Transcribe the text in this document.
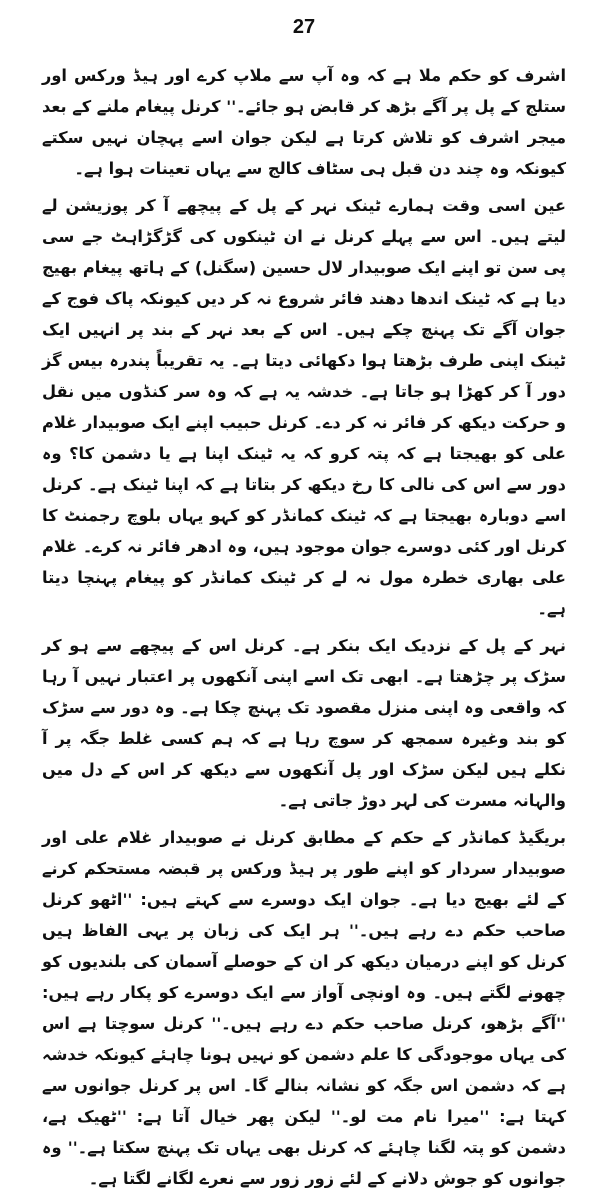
27

اشرف کو حکم ملا ہے کہ وہ آپ سے ملاپ کرے اور ہیڈ ورکس اور ستلج کے پل پر آگے بڑھ کر قابض ہو جائے۔'' کرنل پیغام ملنے کے بعد میجر اشرف کو تلاش کرتا ہے لیکن جوان اسے پہچان نہیں سکتے کیونکہ وہ چند دن قبل ہی سٹاف کالج سے یہاں تعینات ہوا ہے۔

عین اسی وقت ہمارے ٹینک نہر کے پل کے پیچھے آ کر پوزیشن لے لیتے ہیں۔ اس سے پہلے کرنل نے ان ٹینکوں کی گڑگڑاہٹ جے سی پی سن تو اپنے ایک صوبیدار لال حسین (سگنل) کے ہاتھ پیغام بھیج دیا ہے کہ ٹینک اندھا دھند فائر شروع نہ کر دیں کیونکہ پاک فوج کے جوان آگے تک پہنچ چکے ہیں۔ اس کے بعد نہر کے بند پر انہیں ایک ٹینک اپنی طرف بڑھتا ہوا دکھائی دیتا ہے۔ یہ تقریباً پندرہ بیس گز دور آ کر کھڑا ہو جاتا ہے۔ خدشہ یہ ہے کہ وہ سر کنڈوں میں نقل و حرکت دیکھ کر فائر نہ کر دے۔ کرنل حبیب اپنے ایک صوبیدار غلام علی کو بھیجتا ہے کہ پتہ کرو کہ یہ ٹینک اپنا ہے یا دشمن کا؟ وہ دور سے اس کی نالی کا رخ دیکھ کر بتاتا ہے کہ اپنا ٹینک ہے۔ کرنل اسے دوبارہ بھیجتا ہے کہ ٹینک کمانڈر کو کہو یہاں بلوچ رجمنٹ کا کرنل اور کئی دوسرے جوان موجود ہیں، وہ ادھر فائر نہ کرے۔ غلام علی بھاری خطرہ مول نہ لے کر ٹینک کمانڈر کو پیغام پہنچا دیتا ہے۔

نہر کے پل کے نزدیک ایک بنکر ہے۔ کرنل اس کے پیچھے سے ہو کر سڑک پر چڑھتا ہے۔ ابھی تک اسے اپنی آنکھوں پر اعتبار نہیں آ رہا کہ واقعی وہ اپنی منزل مقصود تک پہنچ چکا ہے۔ وہ دور سے سڑک کو بند وغیرہ سمجھ کر سوچ رہا ہے کہ ہم کسی غلط جگہ پر آ نکلے ہیں لیکن سڑک اور پل آنکھوں سے دیکھ کر اس کے دل میں والہانہ مسرت کی لہر دوڑ جاتی ہے۔

بریگیڈ کمانڈر کے حکم کے مطابق کرنل نے صوبیدار غلام علی اور صوبیدار سردار کو اپنے طور پر ہیڈ ورکس پر قبضہ مستحکم کرنے کے لئے بھیج دیا ہے۔ جوان ایک دوسرے سے کہتے ہیں: ''اٹھو کرنل صاحب حکم دے رہے ہیں۔'' ہر ایک کی زبان پر یہی الفاظ ہیں کرنل کو اپنے درمیان دیکھ کر ان کے حوصلے آسمان کی بلندیوں کو چھونے لگتے ہیں۔ وہ اونچی آواز سے ایک دوسرے کو پکار رہے ہیں: ''آگے بڑھو، کرنل صاحب حکم دے رہے ہیں۔'' کرنل سوچتا ہے اس کی یہاں موجودگی کا علم دشمن کو نہیں ہونا چاہئے کیونکہ خدشہ ہے کہ دشمن اس جگہ کو نشانہ بنالے گا۔ اس پر کرنل جوانوں سے کہتا ہے: ''میرا نام مت لو۔'' لیکن پھر خیال آتا ہے: ''ٹھیک ہے، دشمن کو پتہ لگنا چاہئے کہ کرنل بھی یہاں تک پہنچ سکتا ہے۔'' وہ جوانوں کو جوش دلانے کے لئے زور زور سے نعرے لگانے لگتا ہے۔
